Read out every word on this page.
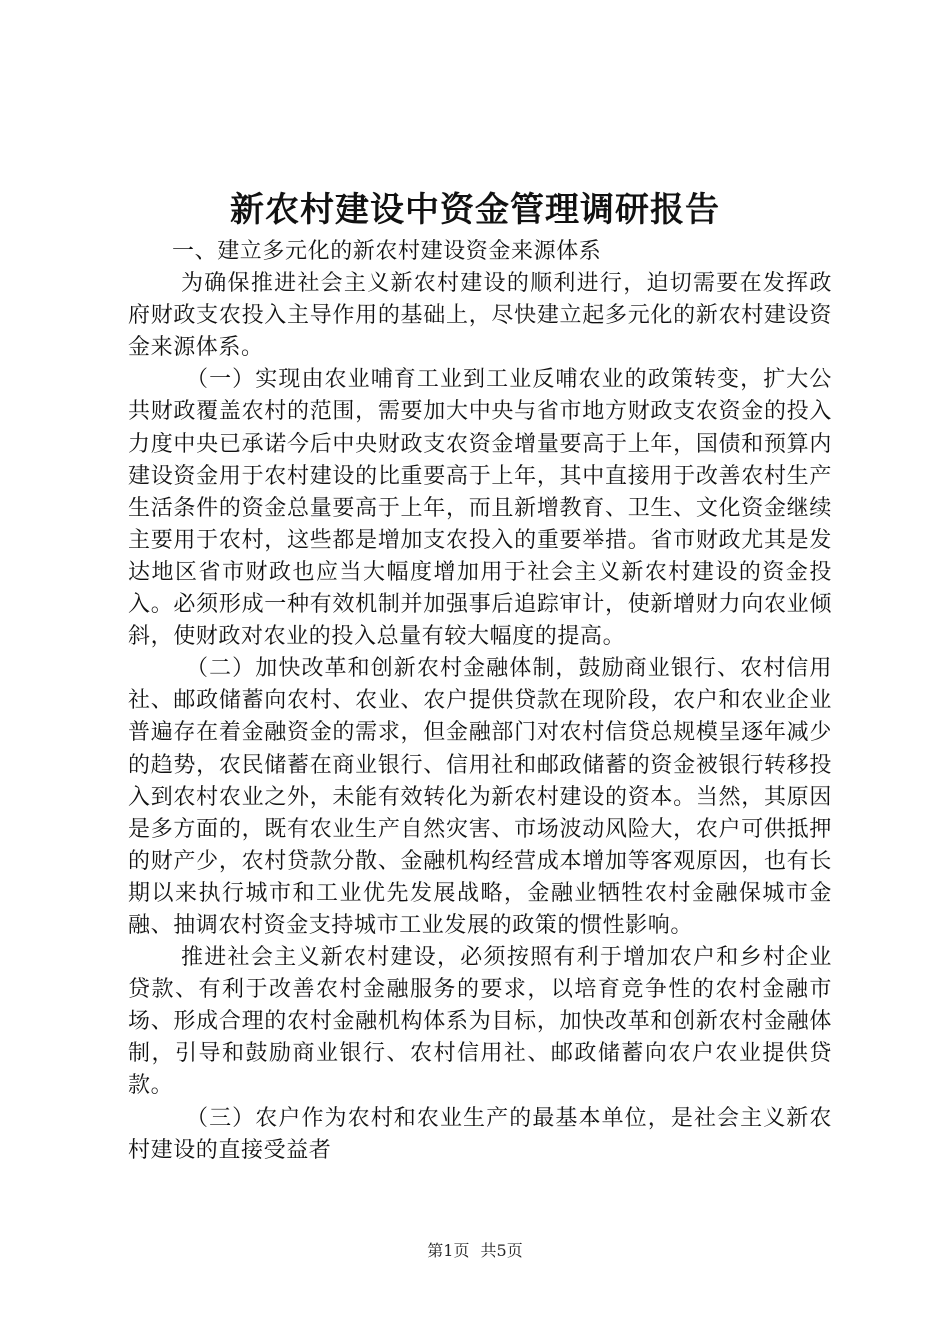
新农村建设中资金管理调研报告

一、建立多元化的新农村建设资金来源体系

为确保推进社会主义新农村建设的顺利进行，迫切需要在发挥政府财政支农投入主导作用的基础上，尽快建立起多元化的新农村建设资金来源体系。

（一）实现由农业哺育工业到工业反哺农业的政策转变，扩大公共财政覆盖农村的范围，需要加大中央与省市地方财政支农资金的投入力度中央已承诺今后中央财政支农资金增量要高于上年，国债和预算内建设资金用于农村建设的比重要高于上年，其中直接用于改善农村生产生活条件的资金总量要高于上年，而且新增教育、卫生、文化资金继续主要用于农村，这些都是增加支农投入的重要举措。省市财政尤其是发达地区省市财政也应当大幅度增加用于社会主义新农村建设的资金投入。必须形成一种有效机制并加强事后追踪审计，使新增财力向农业倾斜，使财政对农业的投入总量有较大幅度的提高。

（二）加快改革和创新农村金融体制，鼓励商业银行、农村信用社、邮政储蓄向农村、农业、农户提供贷款在现阶段，农户和农业企业普遍存在着金融资金的需求，但金融部门对农村信贷总规模呈逐年减少的趋势，农民储蓄在商业银行、信用社和邮政储蓄的资金被银行转移投入到农村农业之外，未能有效转化为新农村建设的资本。当然，其原因是多方面的，既有农业生产自然灾害、市场波动风险大，农户可供抵押的财产少，农村贷款分散、金融机构经营成本增加等客观原因，也有长期以来执行城市和工业优先发展战略，金融业牺牲农村金融保城市金融、抽调农村资金支持城市工业发展的政策的惯性影响。

推进社会主义新农村建设，必须按照有利于增加农户和乡村企业贷款、有利于改善农村金融服务的要求，以培育竞争性的农村金融市场、形成合理的农村金融机构体系为目标，加快改革和创新农村金融体制，引导和鼓励商业银行、农村信用社、邮政储蓄向农户农业提供贷款。

（三）农户作为农村和农业生产的最基本单位，是社会主义新农村建设的直接受益者

第1页 共5页
